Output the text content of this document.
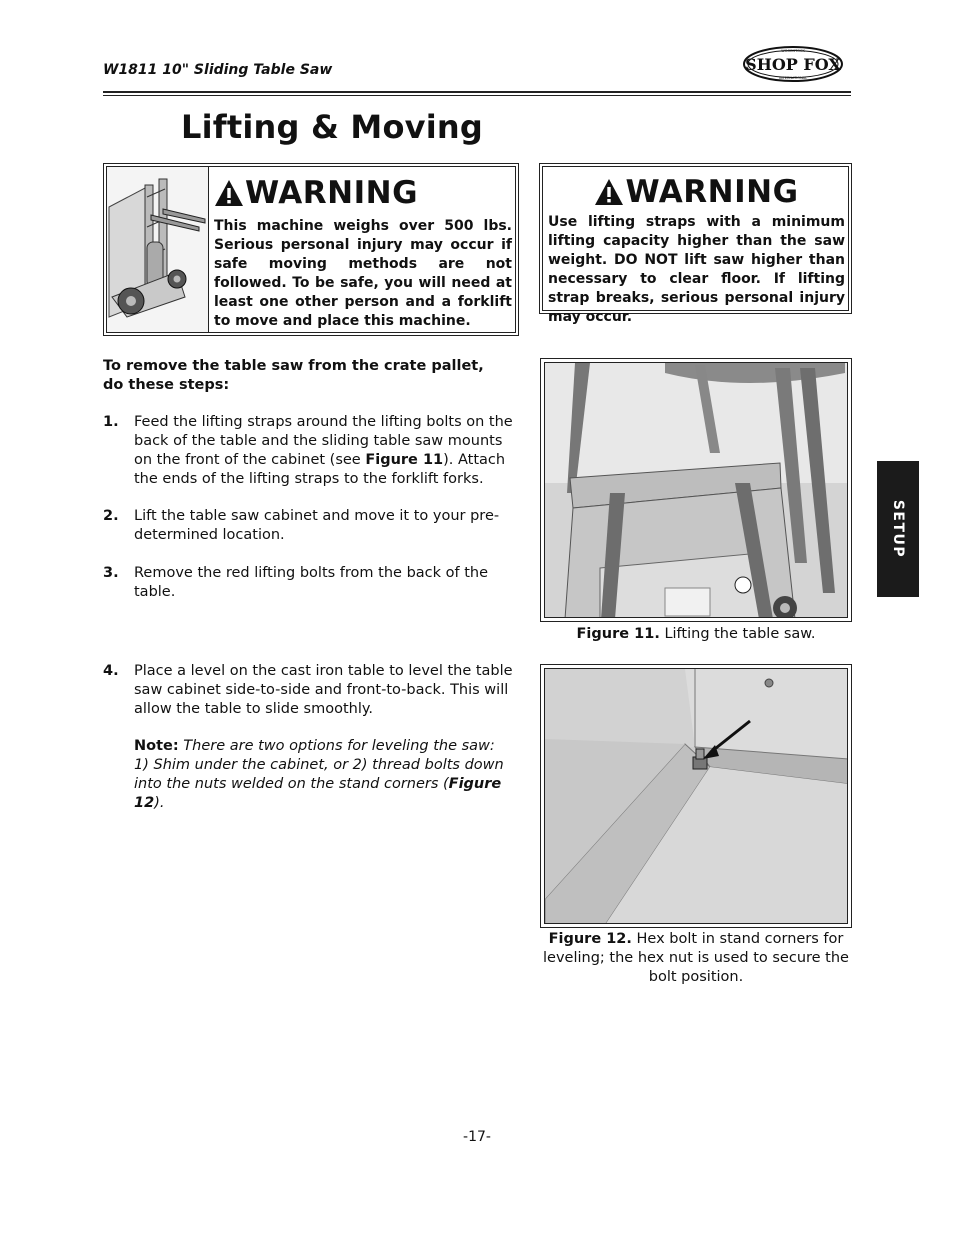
W1811 10" Sliding Table Saw	SHOP FOX
WOODSTOCK
INTERNATIONAL
Lifting & Moving
WARNING
This machine weighs over 500 lbs. Serious personal injury may occur if safe moving methods are not followed. To be safe, you will need at least one other person and a forklift to move and place this machine.
WARNING
Use lifting straps with a minimum lifting capacity higher than the saw weight. DO NOT lift saw higher than necessary to clear floor. If lifting strap breaks, serious personal injury may occur.
To remove the table saw from the crate pallet, do these steps:
1. Feed the lifting straps around the lifting bolts on the back of the table and the sliding table saw mounts on the front of the cabinet (see Figure 11). Attach the ends of the lifting straps to the forklift forks.
2. Lift the table saw cabinet and move it to your pre-determined location.
3. Remove the red lifting bolts from the back of the table.
4. Place a level on the cast iron table to level the table saw cabinet side-to-side and front-to-back. This will allow the table to slide smoothly.
Note: There are two options for leveling the saw: 1) Shim under the cabinet, or 2) thread bolts down into the nuts welded on the stand corners (Figure 12).
Figure 11. Lifting the table saw.
Figure 12. Hex bolt in stand corners for leveling; the hex nut is used to secure the bolt position.
SETUP
-17-
